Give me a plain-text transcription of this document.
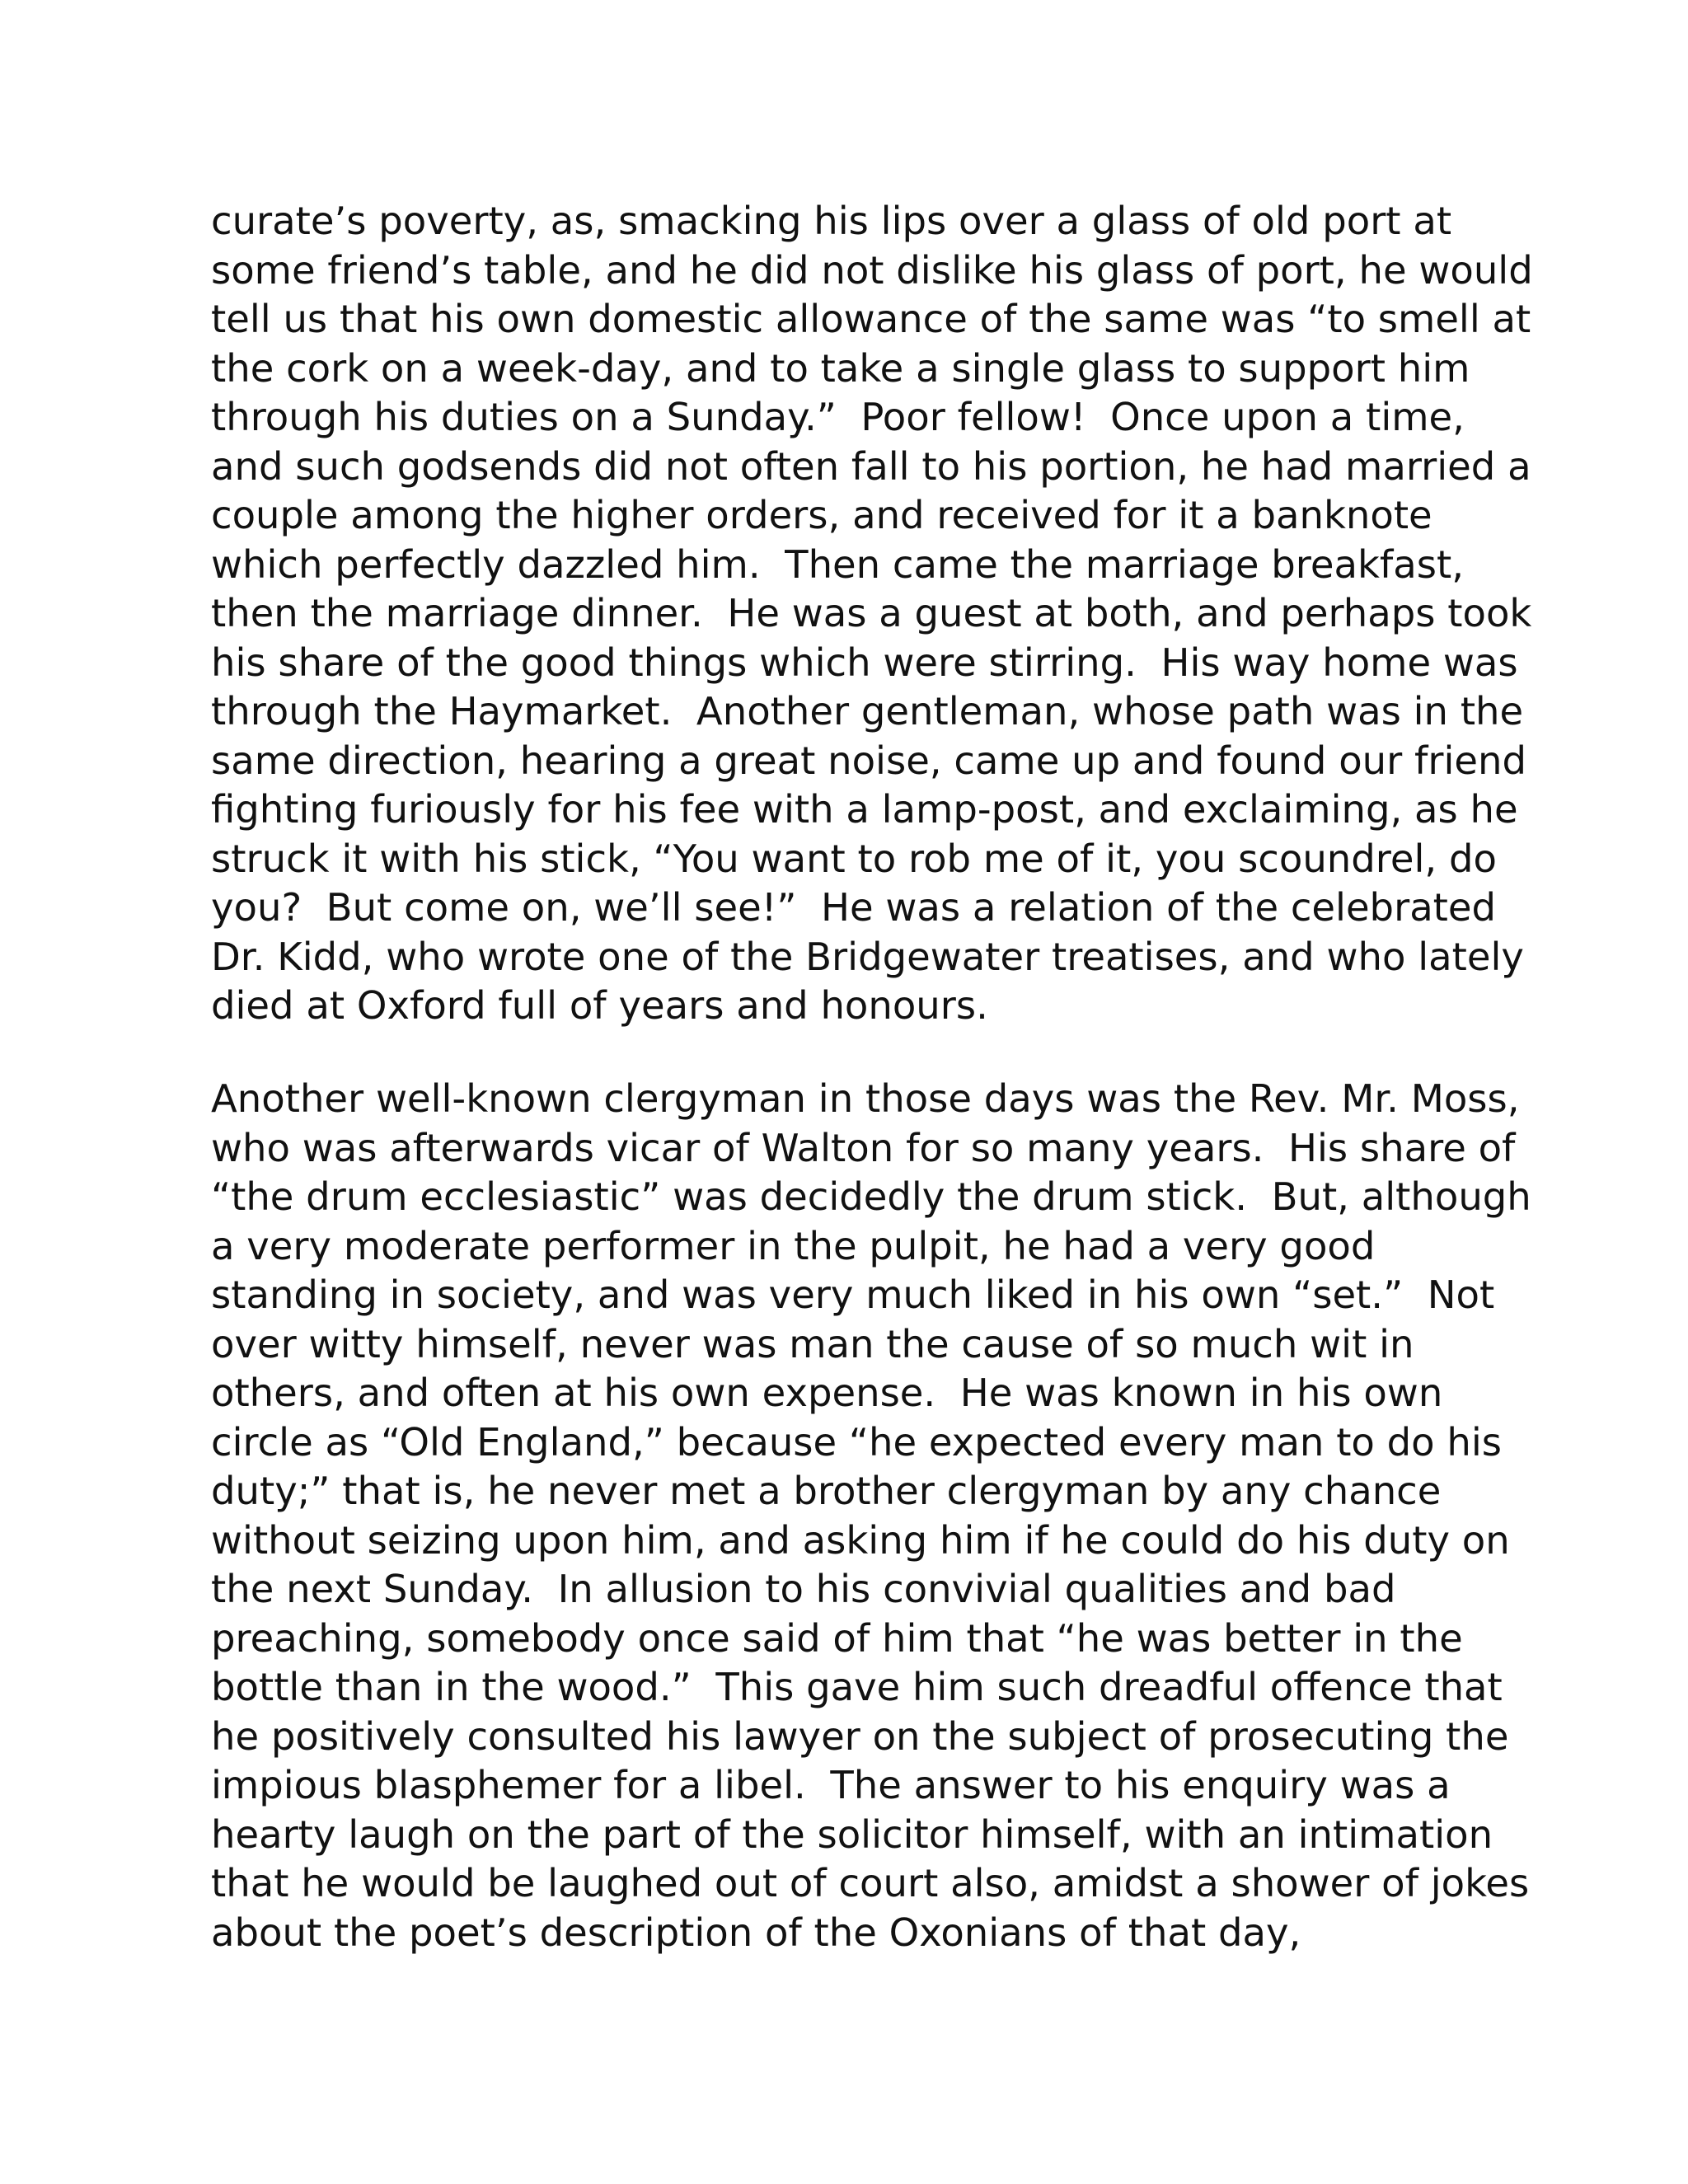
curate’s poverty, as, smacking his lips over a glass of old port at
some friend’s table, and he did not dislike his glass of port, he would
tell us that his own domestic allowance of the same was “to smell at
the cork on a week-day, and to take a single glass to support him
through his duties on a Sunday.”  Poor fellow!  Once upon a time,
and such godsends did not often fall to his portion, he had married a
couple among the higher orders, and received for it a banknote
which perfectly dazzled him.  Then came the marriage breakfast,
then the marriage dinner.  He was a guest at both, and perhaps took
his share of the good things which were stirring.  His way home was
through the Haymarket.  Another gentleman, whose path was in the
same direction, hearing a great noise, came up and found our friend
fighting furiously for his fee with a lamp-post, and exclaiming, as he
struck it with his stick, “You want to rob me of it, you scoundrel, do
you?  But come on, we’ll see!”  He was a relation of the celebrated
Dr. Kidd, who wrote one of the Bridgewater treatises, and who lately
died at Oxford full of years and honours.
Another well-known clergyman in those days was the Rev. Mr. Moss,
who was afterwards vicar of Walton for so many years.  His share of
“the drum ecclesiastic” was decidedly the drum stick.  But, although
a very moderate performer in the pulpit, he had a very good
standing in society, and was very much liked in his own “set.”  Not
over witty himself, never was man the cause of so much wit in
others, and often at his own expense.  He was known in his own
circle as “Old England,” because “he expected every man to do his
duty;” that is, he never met a brother clergyman by any chance
without seizing upon him, and asking him if he could do his duty on
the next Sunday.  In allusion to his convivial qualities and bad
preaching, somebody once said of him that “he was better in the
bottle than in the wood.”  This gave him such dreadful offence that
he positively consulted his lawyer on the subject of prosecuting the
impious blasphemer for a libel.  The answer to his enquiry was a
hearty laugh on the part of the solicitor himself, with an intimation
that he would be laughed out of court also, amidst a shower of jokes
about the poet’s description of the Oxonians of that day,
